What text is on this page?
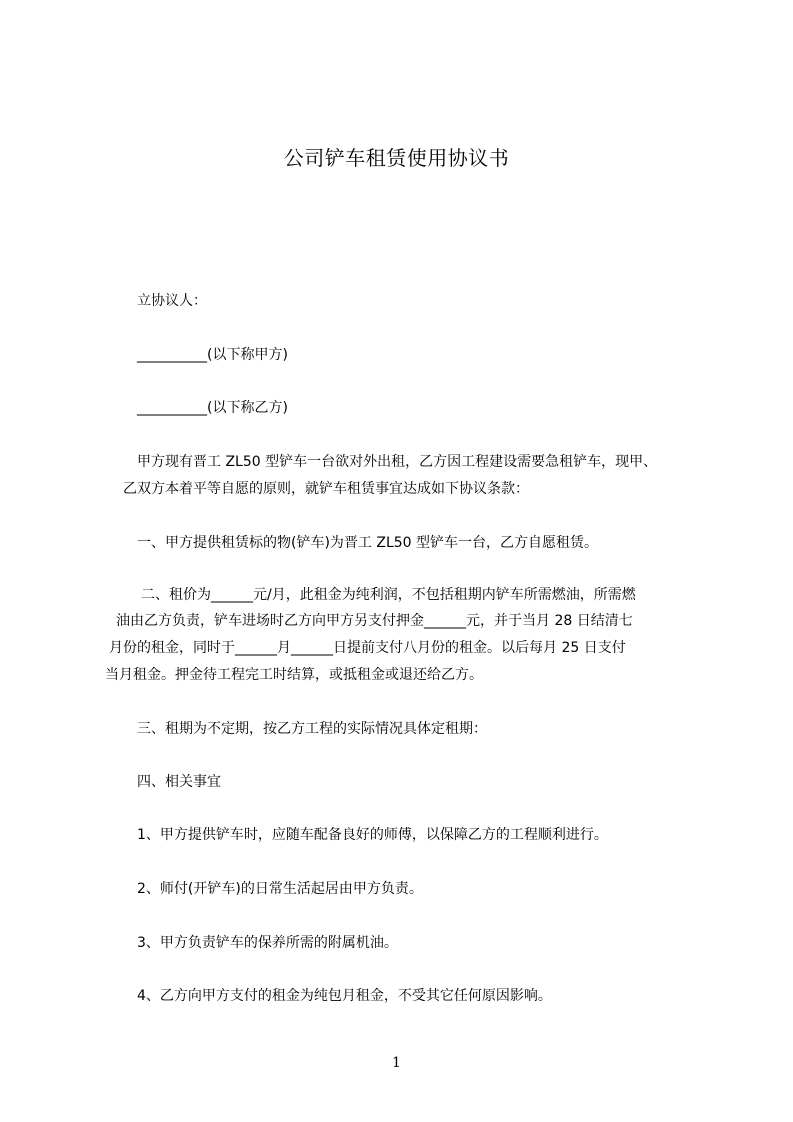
公司铲车租赁使用协议书
立协议人：
__________(以下称甲方)
__________(以下称乙方)
甲方现有晋工 ZL50 型铲车一台欲对外出租，乙方因工程建设需要急租铲车，现甲、
乙双方本着平等自愿的原则，就铲车租赁事宜达成如下协议条款：
一、甲方提供租赁标的物(铲车)为晋工 ZL50 型铲车一台，乙方自愿租赁。
二、租价为______元/月，此租金为纯利润，不包括租期内铲车所需燃油，所需燃
油由乙方负责，铲车进场时乙方向甲方另支付押金______元，并于当月 28 日结清七
月份的租金，同时于______月______日提前支付八月份的租金。以后每月 25 日支付
当月租金。押金待工程完工时结算，或抵租金或退还给乙方。
三、租期为不定期，按乙方工程的实际情况具体定租期：
四、相关事宜
1、甲方提供铲车时，应随车配备良好的师傅，以保障乙方的工程顺利进行。
2、师付(开铲车)的日常生活起居由甲方负责。
3、甲方负责铲车的保养所需的附属机油。
4、乙方向甲方支付的租金为纯包月租金，不受其它任何原因影响。
1
